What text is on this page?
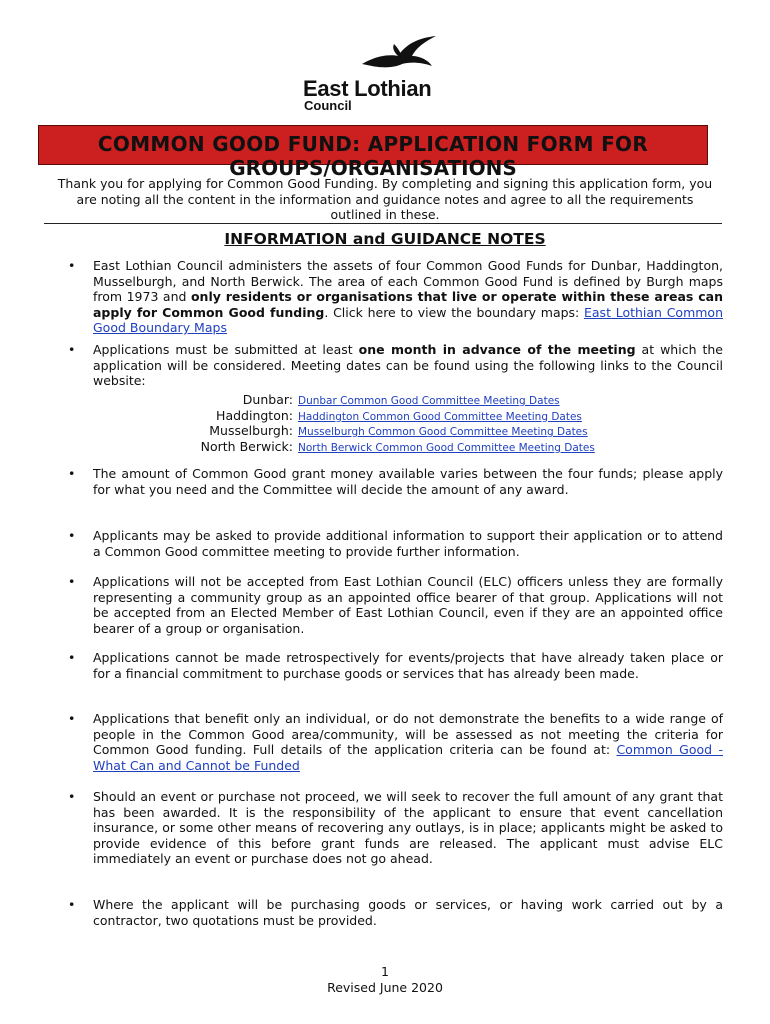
East Lothian
Council
COMMON GOOD FUND: APPLICATION FORM FOR
GROUPS/ORGANISATIONS
Thank you for applying for Common Good Funding. By completing and signing this application form, you are noting all the content in the information and guidance notes and agree to all the requirements outlined in these.
INFORMATION and GUIDANCE NOTES
• East Lothian Council administers the assets of four Common Good Funds for Dunbar, Haddington, Musselburgh, and North Berwick. The area of each Common Good Fund is defined by Burgh maps from 1973 and only residents or organisations that live or operate within these areas can apply for Common Good funding. Click here to view the boundary maps: East Lothian Common Good Boundary Maps
• Applications must be submitted at least one month in advance of the meeting at which the application will be considered. Meeting dates can be found using the following links to the Council website:
Dunbar: Dunbar Common Good Committee Meeting Dates
Haddington: Haddington Common Good Committee Meeting Dates
Musselburgh: Musselburgh Common Good Committee Meeting Dates
North Berwick: North Berwick Common Good Committee Meeting Dates
• The amount of Common Good grant money available varies between the four funds; please apply for what you need and the Committee will decide the amount of any award.
• Applicants may be asked to provide additional information to support their application or to attend a Common Good committee meeting to provide further information.
• Applications will not be accepted from East Lothian Council (ELC) officers unless they are formally representing a community group as an appointed office bearer of that group. Applications will not be accepted from an Elected Member of East Lothian Council, even if they are an appointed office bearer of a group or organisation.
• Applications cannot be made retrospectively for events/projects that have already taken place or for a financial commitment to purchase goods or services that has already been made.
• Applications that benefit only an individual, or do not demonstrate the benefits to a wide range of people in the Common Good area/community, will be assessed as not meeting the criteria for Common Good funding. Full details of the application criteria can be found at: Common Good - What Can and Cannot be Funded
• Should an event or purchase not proceed, we will seek to recover the full amount of any grant that has been awarded. It is the responsibility of the applicant to ensure that event cancellation insurance, or some other means of recovering any outlays, is in place; applicants might be asked to provide evidence of this before grant funds are released. The applicant must advise ELC immediately an event or purchase does not go ahead.
• Where the applicant will be purchasing goods or services, or having work carried out by a contractor, two quotations must be provided.
1
Revised June 2020
